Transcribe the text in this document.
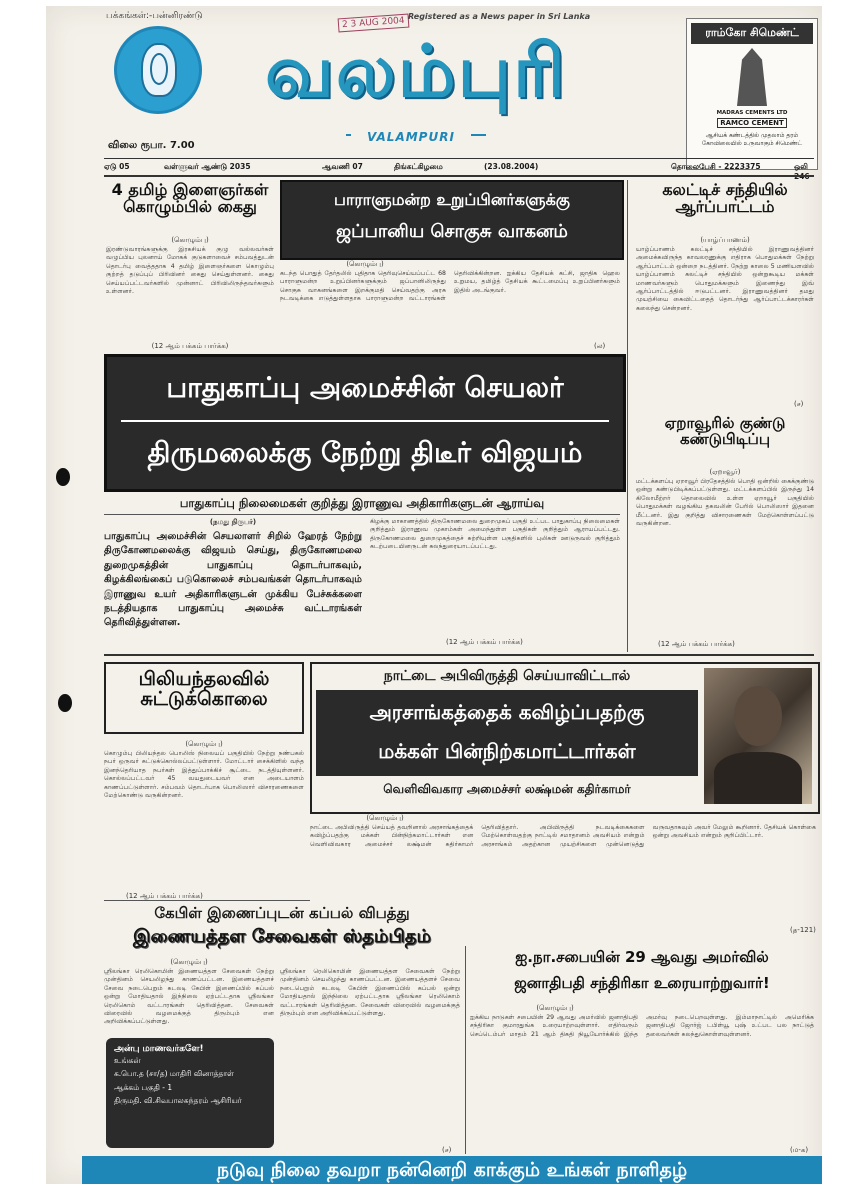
பக்கங்கள்:-பன்னிரண்டு	2 3 AUG 2004 Registered as a News paper in Sri Lanka
வலம்புரி
VALAMPURI
விலை ரூபா. 7.00
ராம்கோ சிமெண்ட்
MADRAS CEMENTS LTD
RAMCO CEMENT
ஆசியக் கண்டத்தில் முதலாம் தரம் கோவிலையில் உருவாகும் சிமெண்ட்
ஏடு 05	வள்ளுவர் ஆண்டு 2035	ஆவணி 07	திங்கட்கிழமை	(23.08.2004)	தொலைபேசி - 2223375	ஒலி
4 தமிழ் இளைஞர்கள் கொழும்பில் கைது
(கொழும்பு)
இரண்டுவாரங்களுக்கு இரகசியக் குழு வல்லவர்கள் வழுப்பிய புலனாய் மோகக் குடுகளாவைச் சம்பவத்துடன் தொடர்பு வைத்ததாக 4 தமிழ் இளைஞர்களை கொழும்பு குற்றத் தடுப்புப் பிரிவினர் கைது செய்துள்ளனர். கைது செய்யப்பட்டவர்களில் முன்னாட் பிரிவிலிருந்தவர்களும் உள்ளனர்.
(12 ஆம் பக்கம் பார்க்க)
பாராளுமன்ற உறுப்பினர்களுக்கு
ஜப்பானிய சொகுசு வாகனம்
(கொழும்பு)
கடந்த பொதுத் தேர்தலில் புதிதாக தெரிவுசெய்யப்பட்ட 68 பாராளுமன்ற உறுப்பினர்களுக்கும் ஜப்பானிலிருந்து சொகுசு வாகனங்களை இறக்குமதி செய்வதற்கு அரசு நடவடிக்கை எடுத்துள்ளதாக பாராளுமன்ற வட்டாரங்கள் தெரிவிக்கின்றன. ஐக்கிய தேசியக் கட்சி, ஜாதிக ஹெல உறுமய, தமிழ்த் தேசியக் கூட்டமைப்பு உறுப்பினர்களும் இதில் அடங்குவர்.
(ல)
கலட்டிச் சந்தியில் ஆர்ப்பாட்டம்
(யாழ்ப்பாணம்)
யாழ்ப்பாணம் கலட்டிச் சந்தியில் இராணுவத்தினர் அமைக்கவிருந்த காவலரணுக்கு எதிராக பொதுமக்கள் நேற்று ஆர்ப்பாட்டம் ஒன்றை நடத்தினர். நேற்று காலை 5 மணியளவில் யாழ்ப்பாணம் கலட்டிச் சந்தியில் ஒன்றுகூடிய மக்கள் மாணவர்களும் பொதுமக்களும் இணைந்து இவ் ஆர்ப்பாட்டத்தில் ஈடுபட்டனர். இராணுவத்தினர் தமது முயற்சியை கைவிட்டதைத் தொடர்ந்து ஆர்ப்பாட்டக்காரர்கள் கலைந்து சென்றனர்.
(ச)
பாதுகாப்பு அமைச்சின் செயலர்
திருமலைக்கு நேற்று திடீர் விஜயம்
பாதுகாப்பு நிலைமைகள் குறித்து இராணுவ அதிகாரிகளுடன் ஆராய்வு
(நமது நிருபர்)
பாதுகாப்பு அமைச்சின் செயலாளர் சிறில் ஹேரத் நேற்று திருகோணமலைக்கு விஜயம் செய்து, திருகோணமலை துறைமுகத்தின் பாதுகாப்பு தொடர்பாகவும், கிழக்கிலங்கைப் படுகொலைச் சம்பவங்கள் தொடர்பாகவும் இராணுவ உயர் அதிகாரிகளுடன் முக்கிய பேச்சுக்களை நடத்தியதாக பாதுகாப்பு அமைச்சு வட்டாரங்கள் தெரிவித்துள்ளன.
கிழக்கு மாகாணத்தில் திருகோணமலை துறைமுகப் பகுதி உட்பட பாதுகாப்பு நிலைமைகள் குறித்தும் இராணுவ முகாம்கள் அமைந்துள்ள பகுதிகள் குறித்தும் ஆராயப்பட்டது. திருகோணமலை துறைமுகத்தைச் சுற்றியுள்ள பகுதிகளில் புலிகள் ஊடுருவல் குறித்தும் கடற்படையினருடன் கலந்துரையாடப்பட்டது.
(12 ஆம் பக்கம் பார்க்க)
ஏறாவூரில் குண்டு கண்டுபிடிப்பு
(ஏறாவூர்)
மட்டக்களப்பு ஏறாவூர் பிரதேசத்தில் பொதி ஒன்றில் கைக்குண்டு ஒன்று கண்டுபிடிக்கப்பட்டுள்ளது. மட்டக்களப்பில் இருந்து 14 கிலோமீற்றர் தொலைவில் உள்ள ஏறாவூர் பகுதியில் பொதுமக்கள் வழங்கிய தகவலின் பேரில் பொலிஸார் இதனை மீட்டனர். இது குறித்து விசாரணைகள் மேற்கொள்ளப்பட்டு வருகின்றன.
(12 ஆம் பக்கம் பார்க்க)
பிலியந்தலவில் சுட்டுக்கொலை
(கொழும்பு)
கொழும்பு பிலியந்தல பொலிஸ் நிலையப் பகுதியில் நேற்று நண்பகல் நபர் ஒருவர் சுட்டுக்கொல்லப்பட்டுள்ளார். மோட்டார் சைக்கிளில் வந்த இனந்தெரியாத நபர்கள் இத்துப்பாக்கிச் சூட்டை நடத்தியுள்ளனர். கொல்லப்பட்டவர் 45 வயதுடையவர் என அடையாளம் காணப்பட்டுள்ளார். சம்பவம் தொடர்பாக பொலிஸார் விசாரணைகளை மேற்கொண்டு வருகின்றனர்.
(12 ஆம் பக்கம் பார்க்க)
நாட்டை அபிவிருத்தி செய்யாவிட்டால்
அரசாங்கத்தைக் கவிழ்ப்பதற்கு
மக்கள் பின்நிற்கமாட்டார்கள்
வெளிவிவகார அமைச்சர் லக்ஷ்மன் கதிர்காமர்
(கொழும்பு)
நாட்டை அபிவிருத்தி செய்யத் தவறினால் அரசாங்கத்தைக் கவிழ்ப்பதற்கு மக்கள் பின்நிற்கமாட்டார்கள் என வெளிவிவகார அமைச்சர் லக்ஷ்மன் கதிர்காமர் தெரிவித்தார். அபிவிருத்தி நடவடிக்கைகளை மேற்கொள்வதற்கு நாட்டில் சமாதானம் அவசியம் என்றும் அரசாங்கம் அதற்கான முயற்சிகளை முன்னெடுத்து வருவதாகவும் அவர் மேலும் கூறினார். தேசியக் கொள்கை ஒன்று அவசியம் என்றும் குறிப்பிட்டார்.
(த-121)
கேபிள் இணைப்புடன் கப்பல் விபத்து
இணையத்தள சேவைகள் ஸ்தம்பிதம்
(கொழும்பு)
ஸ்ரீலங்கா ரெலிகொமின் இணையத்தள சேவைகள் நேற்று முன்தினம் செயலிழந்து காணப்பட்டன. இணையத்தளச் சேவை நடைபெறும் கடலடி கேபிள் இணைப்பில் கப்பல் ஒன்று மோதியதால் இந்நிலை ஏற்பட்டதாக ஸ்ரீலங்கா ரெலிகொம் வட்டாரங்கள் தெரிவித்தன. சேவைகள் விரைவில் வழமைக்குத் திரும்பும் என அறிவிக்கப்பட்டுள்ளது.
ஸ்ரீலங்கா ரெலிகொமின் இணையத்தள சேவைகள் நேற்று முன்தினம் செயலிழந்து காணப்பட்டன. இணையத்தளச் சேவை நடைபெறும் கடலடி கேபிள் இணைப்பில் கப்பல் ஒன்று மோதியதால் இந்நிலை ஏற்பட்டதாக ஸ்ரீலங்கா ரெலிகொம் வட்டாரங்கள் தெரிவித்தன. சேவைகள் விரைவில் வழமைக்குத் திரும்பும் என அறிவிக்கப்பட்டுள்ளது.
(ச)
அன்பு மாணவர்களே!
உங்கள்
க.பொ.த (சா/த) மாதிரி வினாத்தாள்
ஆக்கம் பகுதி - 1
திருமதி. வி.சிவபாலசுந்தரம் ஆசிரியர்
ஐ.நா.சபையின் 29 ஆவது அமர்வில்
ஜனாதிபதி சந்திரிகா உரையாற்றுவார்!
(கொழும்பு)
ஐக்கிய நாடுகள் சபையின் 29 ஆவது அமர்வில் ஜனாதிபதி சந்திரிகா குமாரதுங்க உரையாற்றவுள்ளார். எதிர்வரும் செப்டெம்பர் மாதம் 21 ஆம் திகதி நியூயோர்க்கில் இந்த அமர்வு நடைபெறவுள்ளது. இம்மாநாட்டில் அமெரிக்க ஜனாதிபதி ஜோர்ஜ் டபிள்யூ புஷ் உட்பட பல நாட்டுத் தலைவர்கள் கலந்துகொள்ளவுள்ளனர்.
(ம-க)
நடுவு நிலை தவறா நன்னெறி காக்கும் உங்கள் நாளிதழ்
